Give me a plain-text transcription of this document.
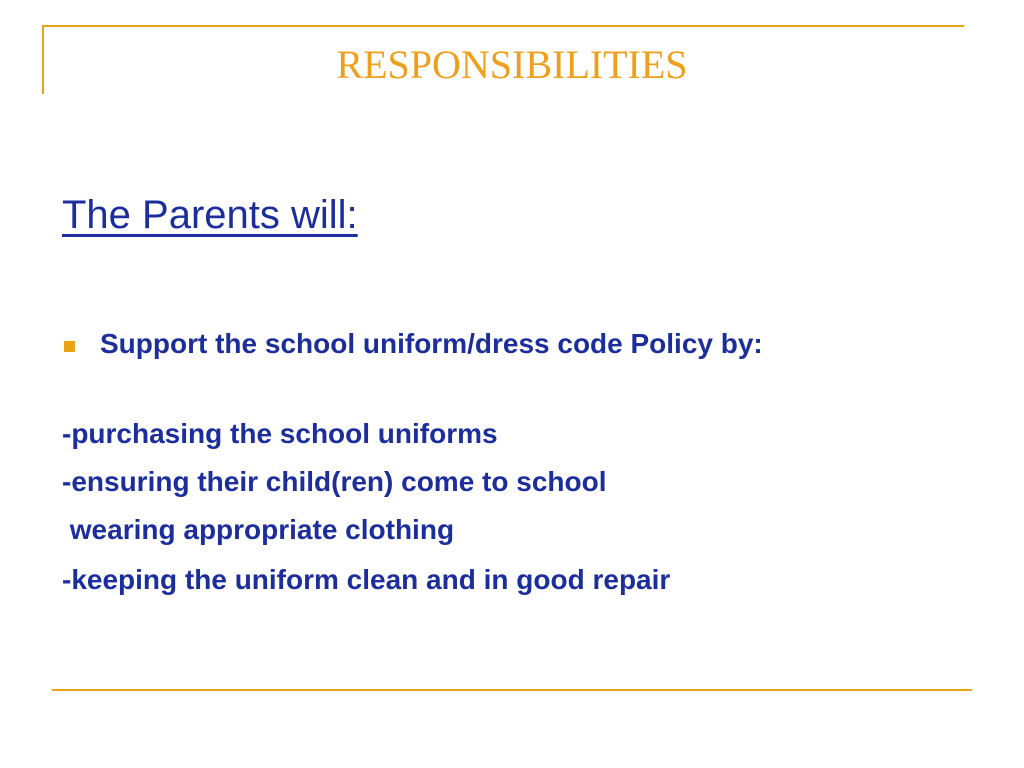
RESPONSIBILITIES
The Parents will:
Support the school uniform/dress code Policy by:
-purchasing the school uniforms
-ensuring their child(ren) come to school
wearing appropriate clothing
-keeping the uniform clean and in good repair
